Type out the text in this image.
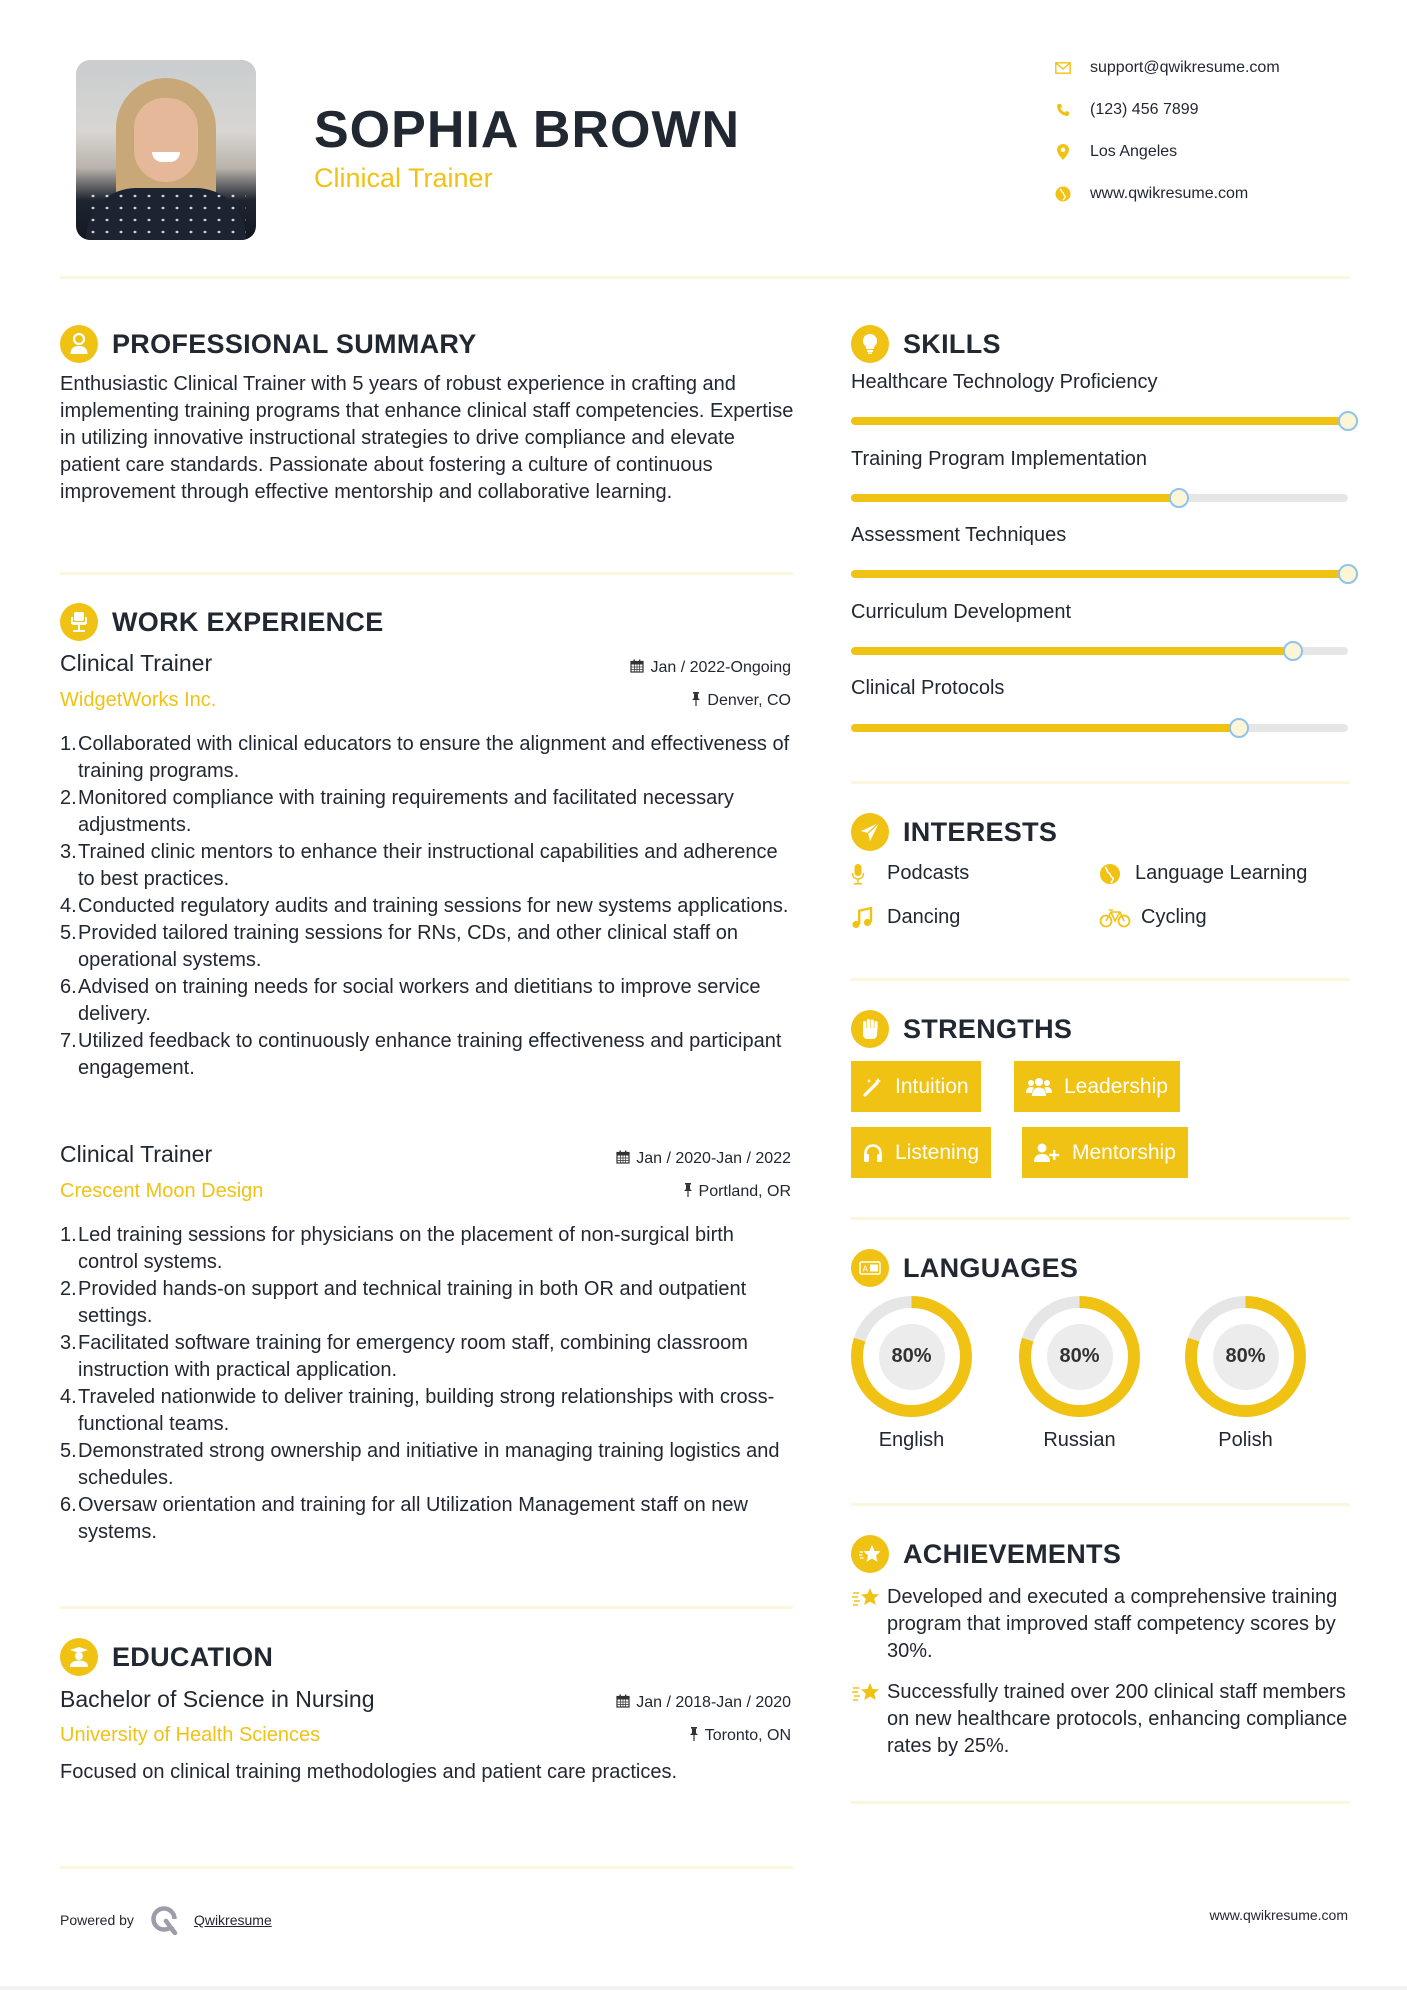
SOPHIA BROWN
Clinical Trainer
support@qwikresume.com
(123) 456 7899
Los Angeles
www.qwikresume.com
PROFESSIONAL SUMMARY
Enthusiastic Clinical Trainer with 5 years of robust experience in crafting and implementing training programs that enhance clinical staff competencies. Expertise in utilizing innovative instructional strategies to drive compliance and elevate patient care standards. Passionate about fostering a culture of continuous improvement through effective mentorship and collaborative learning.
WORK EXPERIENCE
Clinical Trainer	Jan / 2022-Ongoing
WidgetWorks Inc.	Denver, CO
Collaborated with clinical educators to ensure the alignment and effectiveness of training programs.
Monitored compliance with training requirements and facilitated necessary adjustments.
Trained clinic mentors to enhance their instructional capabilities and adherence to best practices.
Conducted regulatory audits and training sessions for new systems applications.
Provided tailored training sessions for RNs, CDs, and other clinical staff on operational systems.
Advised on training needs for social workers and dietitians to improve service delivery.
Utilized feedback to continuously enhance training effectiveness and participant engagement.
Clinical Trainer	Jan / 2020-Jan / 2022
Crescent Moon Design	Portland, OR
Led training sessions for physicians on the placement of non-surgical birth control systems.
Provided hands-on support and technical training in both OR and outpatient settings.
Facilitated software training for emergency room staff, combining classroom instruction with practical application.
Traveled nationwide to deliver training, building strong relationships with cross-functional teams.
Demonstrated strong ownership and initiative in managing training logistics and schedules.
Oversaw orientation and training for all Utilization Management staff on new systems.
EDUCATION
Bachelor of Science in Nursing	Jan / 2018-Jan / 2020
University of Health Sciences	Toronto, ON
Focused on clinical training methodologies and patient care practices.
SKILLS
Healthcare Technology Proficiency
Training Program Implementation
Assessment Techniques
Curriculum Development
Clinical Protocols
INTERESTS
Podcasts	Language Learning
Dancing	Cycling
STRENGTHS
Intuition	Leadership
Listening	Mentorship
A LANGUAGES
80%
English
80%
Russian
80%
Polish
ACHIEVEMENTS
Developed and executed a comprehensive training program that improved staff competency scores by 30%.
Successfully trained over 200 clinical staff members on new healthcare protocols, enhancing compliance rates by 25%.
Powered by	Qwikresume	www.qwikresume.com
